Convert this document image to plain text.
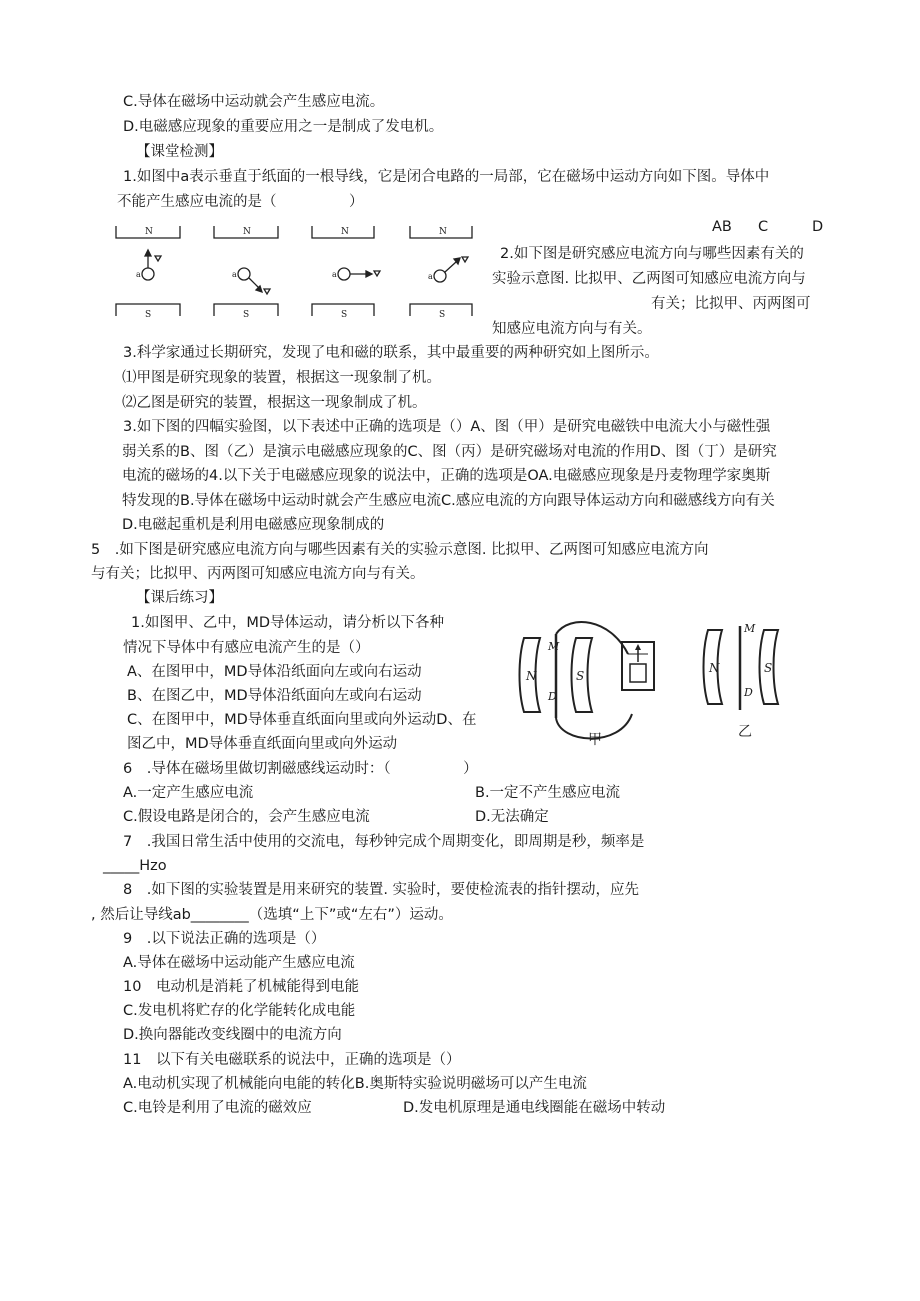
C.导体在磁场中运动就会产生感应电流。
D.电磁感应现象的重要应用之一是制成了发电机。
【课堂检测】
1.如图中a表示垂直于纸面的一根导线，它是闭合电路的一局部，它在磁场中运动方向如下图。导体中
不能产生感应电流的是（　　　　　）
AB C	D
N	N	N	N
S	S	S	S
a	a	a	a
2.如下图是研究感应电流方向与哪些因素有关的
实验示意图. 比拟甲、乙两图可知感应电流方向与
有关；比拟甲、丙两图可
知感应电流方向与有关。
3.科学家通过长期研究，发现了电和磁的联系，其中最重要的两种研究如上图所示。
⑴甲图是研究现象的装置，根据这一现象制了机。
⑵乙图是研究的装置，根据这一现象制成了机。
3.如下图的四幅实验图，以下表述中正确的选项是（）A、图（甲）是研究电磁铁中电流大小与磁性强
弱关系的B、图（乙）是演示电磁感应现象的C、图（丙）是研究磁场对电流的作用D、图（丁）是研究
电流的磁场的4.以下关于电磁感应现象的说法中，正确的选项是OA.电磁感应现象是丹麦物理学家奥斯
特发现的B.导体在磁场中运动时就会产生感应电流C.感应电流的方向跟导体运动方向和磁感线方向有关
D.电磁起重机是利用电磁感应现象制成的
5　.如下图是研究感应电流方向与哪些因素有关的实验示意图. 比拟甲、乙两图可知感应电流方向
与有关；比拟甲、丙两图可知感应电流方向与有关。
【课后练习】
1.如图甲、乙中，MD导体运动，请分析以下各种
情况下导体中有感应电流产生的是（）
A、在图甲中，MD导体沿纸面向左或向右运动
B、在图乙中，MD导体沿纸面向左或向右运动
C、在图甲中，MD导体垂直纸面向里或向外运动D、在
图乙中，MD导体垂直纸面向里或向外运动
N	S
M
D
N	S
M
D
甲	乙
6　.导体在磁场里做切割磁感线运动时：（　　　　　）
A.一定产生感应电流	B.一定不产生感应电流
C.假设电路是闭合的，会产生感应电流	D.无法确定
7　.我国日常生活中使用的交流电，每秒钟完成个周期变化，即周期是秒，频率是
_____Hzo
8　.如下图的实验装置是用来研究的装置. 实验时，要使检流表的指针摆动，应先
, 然后让导线ab________（选填“上下”或“左右”）运动。
9　.以下说法正确的选项是（）
A.导体在磁场中运动能产生感应电流
10　电动机是消耗了机械能得到电能
C.发电机将贮存的化学能转化成电能
D.换向器能改变线圈中的电流方向
11　以下有关电磁联系的说法中，正确的选项是（）
A.电动机实现了机械能向电能的转化B.奥斯特实验说明磁场可以产生电流
C.电铃是利用了电流的磁效应	D.发电机原理是通电线圈能在磁场中转动
